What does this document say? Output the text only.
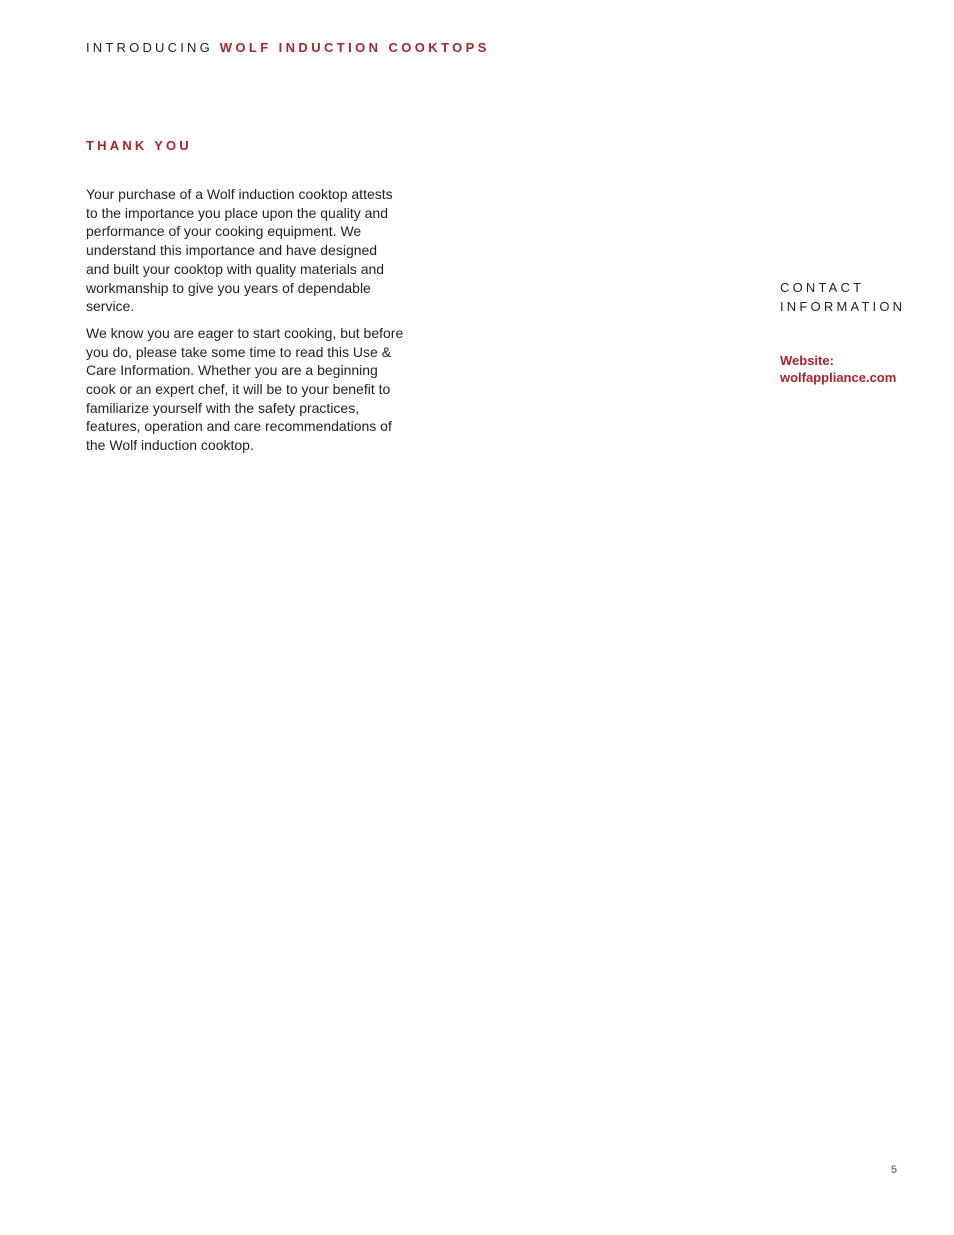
INTRODUCING WOLF INDUCTION COOKTOPS
THANK YOU

Your purchase of a Wolf induction cooktop attests to the importance you place upon the quality and performance of your cooking equipment. We understand this importance and have designed and built your cooktop with quality materials and workmanship to give you years of dependable service.

We know you are eager to start cooking, but before you do, please take some time to read this Use & Care Information. Whether you are a beginning cook or an expert chef, it will be to your benefit to familiarize yourself with the safety practices, features, operation and care recommendations of the Wolf induction cooktop.

CONTACT
INFORMATION
Website:
wolfappliance.com
5
